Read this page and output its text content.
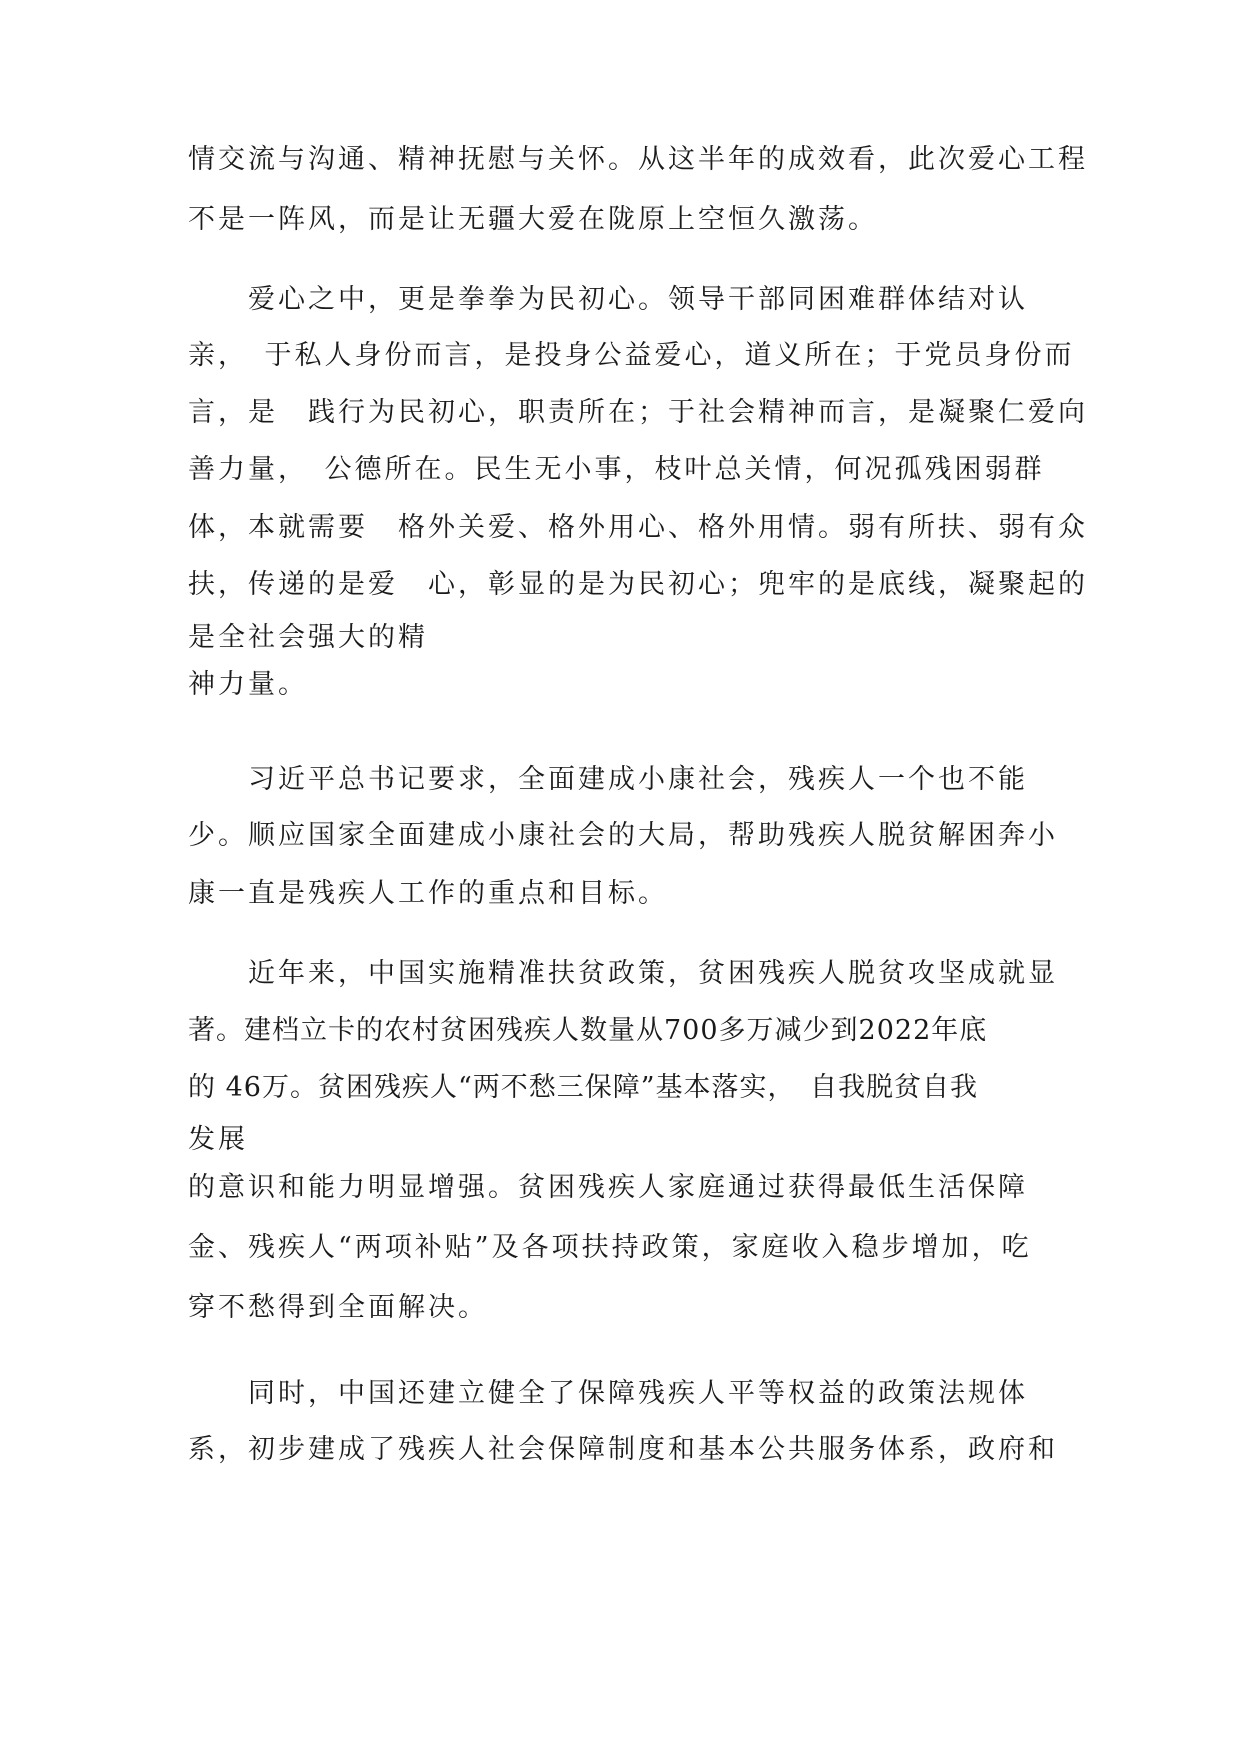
情交流与沟通、精神抚慰与关怀。从这半年的成效看，此次爱心工程
不是一阵风，而是让无疆大爱在陇原上空恒久激荡。
　　爱心之中，更是拳拳为民初心。领导干部同困难群体结对认
亲，　于私人身份而言，是投身公益爱心，道义所在；于党员身份而
言，是　践行为民初心，职责所在；于社会精神而言，是凝聚仁爱向
善力量，　公德所在。民生无小事，枝叶总关情，何况孤残困弱群
体，本就需要　格外关爱、格外用心、格外用情。弱有所扶、弱有众
扶，传递的是爱　心，彰显的是为民初心；兜牢的是底线，凝聚起的
是全社会强大的精
神力量。
　　习近平总书记要求，全面建成小康社会，残疾人一个也不能
少。顺应国家全面建成小康社会的大局，帮助残疾人脱贫解困奔小
康一直是残疾人工作的重点和目标。
　　近年来，中国实施精准扶贫政策，贫困残疾人脱贫攻坚成就显
著。建档立卡的农村贫困残疾人数量从700多万减少到2022年底
的 46万。贫困残疾人“两不愁三保障”基本落实，　自我脱贫自我
发展
的意识和能力明显增强。贫困残疾人家庭通过获得最低生活保障
金、残疾人“两项补贴”及各项扶持政策，家庭收入稳步增加，吃
穿不愁得到全面解决。
　　同时，中国还建立健全了保障残疾人平等权益的政策法规体
系，初步建成了残疾人社会保障制度和基本公共服务体系，政府和
